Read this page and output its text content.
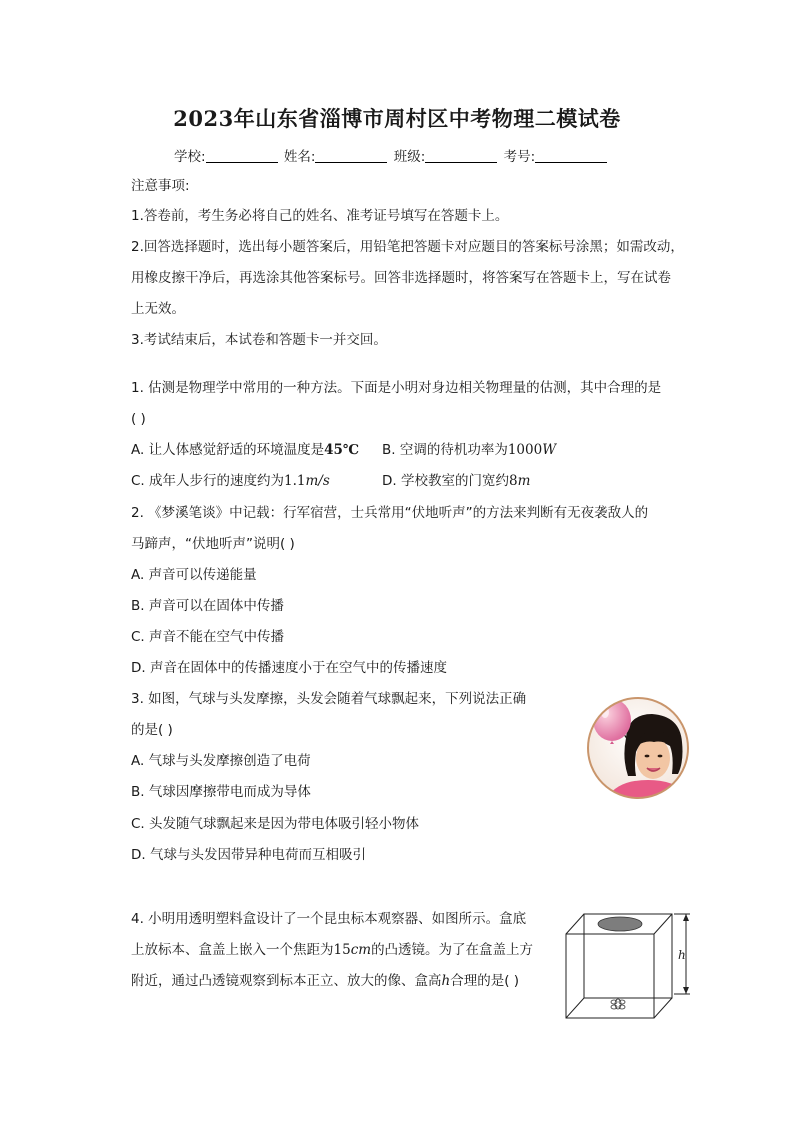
2023年山东省淄博市周村区中考物理二模试卷
学校:	姓名:	班级:	考号:
注意事项:
1.答卷前，考生务必将自己的姓名、准考证号填写在答题卡上。
2.回答选择题时，选出每小题答案后，用铅笔把答题卡对应题目的答案标号涂黑；如需改动，
用橡皮擦干净后，再选涂其他答案标号。回答非选择题时，将答案写在答题卡上，写在试卷
上无效。
3.考试结束后，本试卷和答题卡一并交回。
1. 估测是物理学中常用的一种方法。下面是小明对身边相关物理量的估测，其中合理的是
( )
A. 让人体感觉舒适的环境温度是45℃ B. 空调的待机功率为1000W
C. 成年人步行的速度约为1.1m/s	D. 学校教室的门宽约8m
2. 《梦溪笔谈》中记载：行军宿营，士兵常用“伏地听声”的方法来判断有无夜袭敌人的
马蹄声，“伏地听声”说明( )
A. 声音可以传递能量
B. 声音可以在固体中传播
C. 声音不能在空气中传播
D. 声音在固体中的传播速度小于在空气中的传播速度
3. 如图，气球与头发摩擦，头发会随着气球飘起来，下列说法正确
的是( )
A. 气球与头发摩擦创造了电荷
B. 气球因摩擦带电而成为导体
C. 头发随气球飘起来是因为带电体吸引轻小物体
D. 气球与头发因带异种电荷而互相吸引
4. 小明用透明塑料盒设计了一个昆虫标本观察器、如图所示。盒底
上放标本、盒盖上嵌入一个焦距为15cm的凸透镜。为了在盒盖上方
附近，通过凸透镜观察到标本正立、放大的像、盒高h合理的是( )
h
